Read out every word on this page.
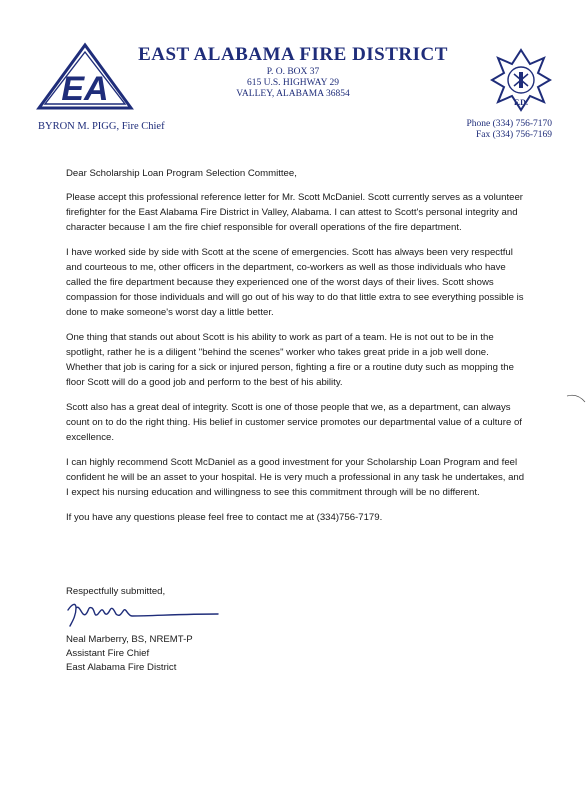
EA
EAST ALABAMA FIRE DISTRICT
P. O. BOX 37
615 U.S. HIGHWAY 29
VALLEY, ALABAMA 36854
F.D.
BYRON M. PIGG, Fire Chief	Phone (334) 756-7170
Fax (334) 756-7169

Dear Scholarship Loan Program Selection Committee,

Please accept this professional reference letter for Mr. Scott McDaniel. Scott currently serves as a volunteer firefighter for the East Alabama Fire District in Valley, Alabama. I can attest to Scott's personal integrity and character because I am the fire chief responsible for overall operations of the fire department.

I have worked side by side with Scott at the scene of emergencies. Scott has always been very respectful and courteous to me, other officers in the department, co-workers as well as those individuals who have called the fire department because they experienced one of the worst days of their lives. Scott shows compassion for those individuals and will go out of his way to do that little extra to see everything possible is done to make someone's worst day a little better.

One thing that stands out about Scott is his ability to work as part of a team. He is not out to be in the spotlight, rather he is a diligent "behind the scenes" worker who takes great pride in a job well done. Whether that job is caring for a sick or injured person, fighting a fire or a routine duty such as mopping the floor Scott will do a good job and perform to the best of his ability.

Scott also has a great deal of integrity. Scott is one of those people that we, as a department, can always count on to do the right thing. His belief in customer service promotes our departmental value of a culture of excellence.

I can highly recommend Scott McDaniel as a good investment for your Scholarship Loan Program and feel confident he will be an asset to your hospital. He is very much a professional in any task he undertakes, and I expect his nursing education and willingness to see this commitment through will be no different.

If you have any questions please feel free to contact me at (334)756-7179.

Respectfully submitted,
Neal Marberry, BS, NREMT-P
Assistant Fire Chief
East Alabama Fire District
